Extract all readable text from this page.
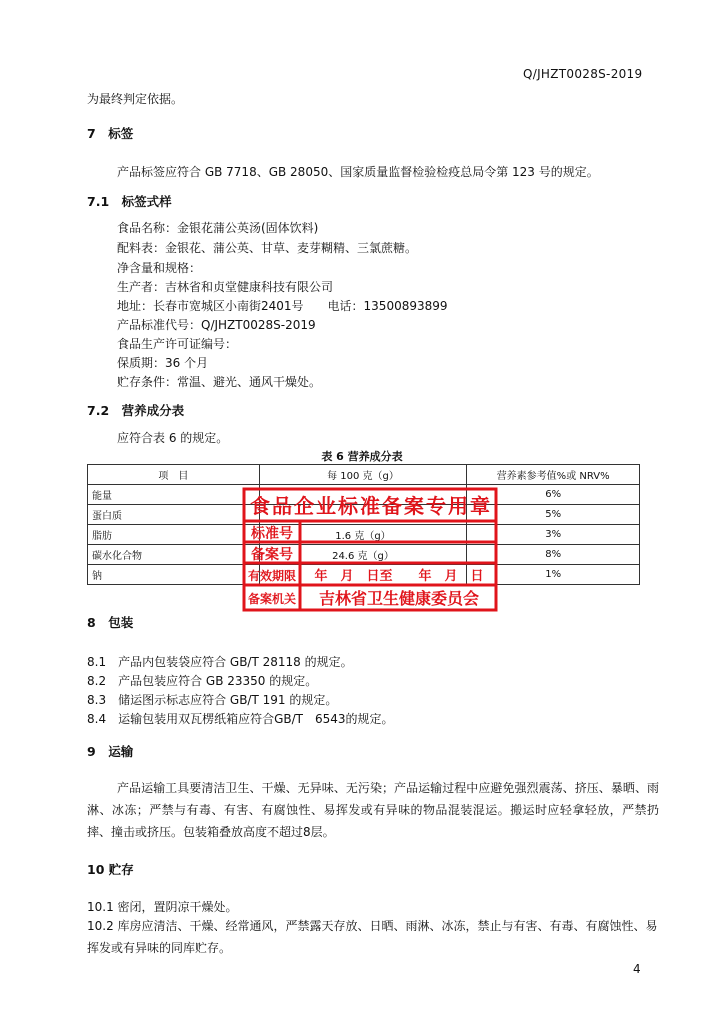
Q/JHZT0028S-2019
为最终判定依据。
7　标签
产品标签应符合 GB 7718、GB 28050、国家质量监督检验检疫总局令第 123 号的规定。
7.1　标签式样
食品名称：金银花蒲公英汤(固体饮料)
配料表：金银花、蒲公英、甘草、麦芽糊精、三氯蔗糖。
净含量和规格：
生产者：吉林省和贞堂健康科技有限公司
地址：长春市宽城区小南街2401号　　电话：13500893899
产品标准代号：Q/JHZT0028S-2019
食品生产许可证编号：
保质期：36 个月
贮存条件：常温、避光、通风干燥处。
7.2　营养成分表
应符合表 6 的规定。
表 6 营养成分表
项　目	每 100 克（g）	营养素参考值%或 NRV%
能量		6%
蛋白质		5%
脂肪	1.6 克（g）	3%
碳水化合物	24.6 克（g）	8%
钠		1%
食品企业标准备案专用章
标准号
备案号
有效期限 年　月　日至　　年　月　日
备案机关 吉林省卫生健康委员会
8　包装
8.1　产品内包装袋应符合 GB/T 28118 的规定。
8.2　产品包装应符合 GB 23350 的规定。
8.3　储运图示标志应符合 GB/T 191 的规定。
8.4　运输包装用双瓦楞纸箱应符合GB/T　6543的规定。
9　运输
产品运输工具要清洁卫生、干燥、无异味、无污染；产品运输过程中应避免强烈震荡、挤压、暴晒、雨淋、冰冻；严禁与有毒、有害、有腐蚀性、易挥发或有异味的物品混装混运。搬运时应轻拿轻放，严禁扔摔、撞击或挤压。包装箱叠放高度不超过8层。
10 贮存
10.1 密闭，置阴凉干燥处。
10.2 库房应清洁、干燥、经常通风，严禁露天存放、日晒、雨淋、冰冻，禁止与有害、有毒、有腐蚀性、易挥发或有异味的同库贮存。
4
